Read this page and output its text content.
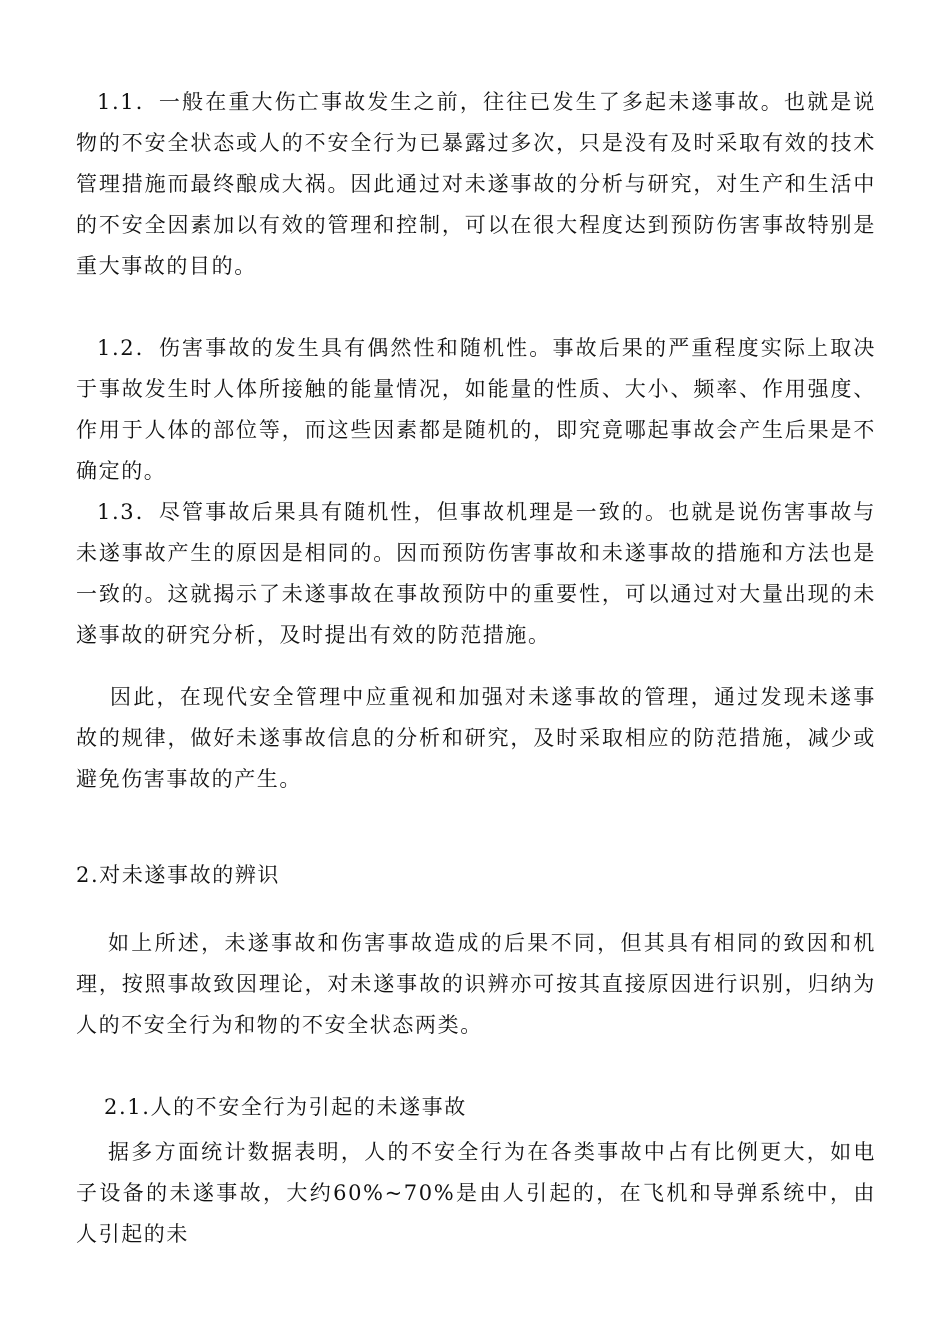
1.1．一般在重大伤亡事故发生之前，往往已发生了多起未遂事故。也就是说物的不安全状态或人的不安全行为已暴露过多次，只是没有及时采取有效的技术管理措施而最终酿成大祸。因此通过对未遂事故的分析与研究，对生产和生活中的不安全因素加以有效的管理和控制，可以在很大程度达到预防伤害事故特别是重大事故的目的。

1.2．伤害事故的发生具有偶然性和随机性。事故后果的严重程度实际上取决于事故发生时人体所接触的能量情况，如能量的性质、大小、频率、作用强度、作用于人体的部位等，而这些因素都是随机的，即究竟哪起事故会产生后果是不确定的。

1.3．尽管事故后果具有随机性，但事故机理是一致的。也就是说伤害事故与未遂事故产生的原因是相同的。因而预防伤害事故和未遂事故的措施和方法也是一致的。这就揭示了未遂事故在事故预防中的重要性，可以通过对大量出现的未遂事故的研究分析，及时提出有效的防范措施。

因此，在现代安全管理中应重视和加强对未遂事故的管理，通过发现未遂事故的规律，做好未遂事故信息的分析和研究，及时采取相应的防范措施，减少或避免伤害事故的产生。

2.对未遂事故的辨识

如上所述，未遂事故和伤害事故造成的后果不同，但其具有相同的致因和机理，按照事故致因理论，对未遂事故的识辨亦可按其直接原因进行识别，归纳为人的不安全行为和物的不安全状态两类。

2.1.人的不安全行为引起的未遂事故

据多方面统计数据表明，人的不安全行为在各类事故中占有比例更大，如电子设备的未遂事故，大约60%~70%是由人引起的，在飞机和导弹系统中，由人引起的未
